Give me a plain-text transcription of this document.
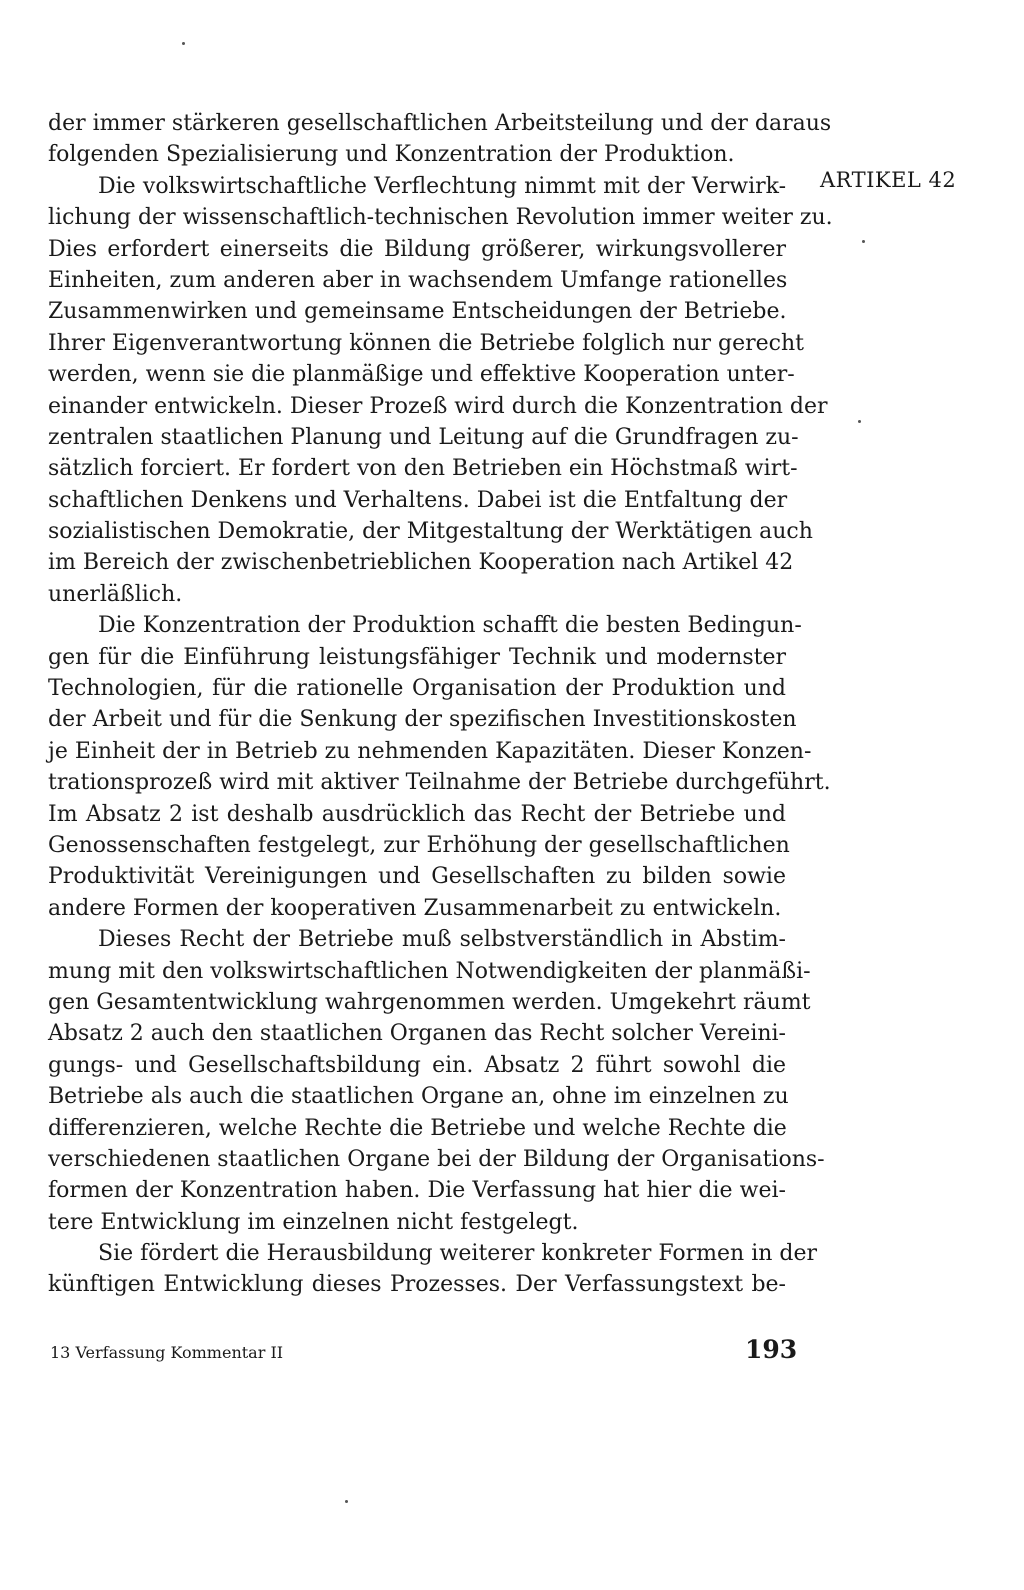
der immer stärkeren gesellschaftlichen Arbeitsteilung und der daraus
folgenden Spezialisierung und Konzentration der Produktion.
Die volkswirtschaftliche Verflechtung nimmt mit der Verwirk-
lichung der wissenschaftlich-technischen Revolution immer weiter zu.
Dies erfordert einerseits die Bildung größerer, wirkungsvollerer
Einheiten, zum anderen aber in wachsendem Umfange rationelles
Zusammenwirken und gemeinsame Entscheidungen der Betriebe.
Ihrer Eigenverantwortung können die Betriebe folglich nur gerecht
werden, wenn sie die planmäßige und effektive Kooperation unter-
einander entwickeln. Dieser Prozeß wird durch die Konzentration der
zentralen staatlichen Planung und Leitung auf die Grundfragen zu-
sätzlich forciert. Er fordert von den Betrieben ein Höchstmaß wirt-
schaftlichen Denkens und Verhaltens. Dabei ist die Entfaltung der
sozialistischen Demokratie, der Mitgestaltung der Werktätigen auch
im Bereich der zwischenbetrieblichen Kooperation nach Artikel 42
unerläßlich.
Die Konzentration der Produktion schafft die besten Bedingun-
gen für die Einführung leistungsfähiger Technik und modernster
Technologien, für die rationelle Organisation der Produktion und
der Arbeit und für die Senkung der spezifischen Investitionskosten
je Einheit der in Betrieb zu nehmenden Kapazitäten. Dieser Konzen-
trationsprozeß wird mit aktiver Teilnahme der Betriebe durchgeführt.
Im Absatz 2 ist deshalb ausdrücklich das Recht der Betriebe und
Genossenschaften festgelegt, zur Erhöhung der gesellschaftlichen
Produktivität Vereinigungen und Gesellschaften zu bilden sowie
andere Formen der kooperativen Zusammenarbeit zu entwickeln.
Dieses Recht der Betriebe muß selbstverständlich in Abstim-
mung mit den volkswirtschaftlichen Notwendigkeiten der planmäßi-
gen Gesamtentwicklung wahrgenommen werden. Umgekehrt räumt
Absatz 2 auch den staatlichen Organen das Recht solcher Vereini-
gungs- und Gesellschaftsbildung ein. Absatz 2 führt sowohl die
Betriebe als auch die staatlichen Organe an, ohne im einzelnen zu
differenzieren, welche Rechte die Betriebe und welche Rechte die
verschiedenen staatlichen Organe bei der Bildung der Organisations-
formen der Konzentration haben. Die Verfassung hat hier die wei-
tere Entwicklung im einzelnen nicht festgelegt.
Sie fördert die Herausbildung weiterer konkreter Formen in der
künftigen Entwicklung dieses Prozesses. Der Verfassungstext be-
ARTIKEL 42
13 Verfassung Kommentar II	193
